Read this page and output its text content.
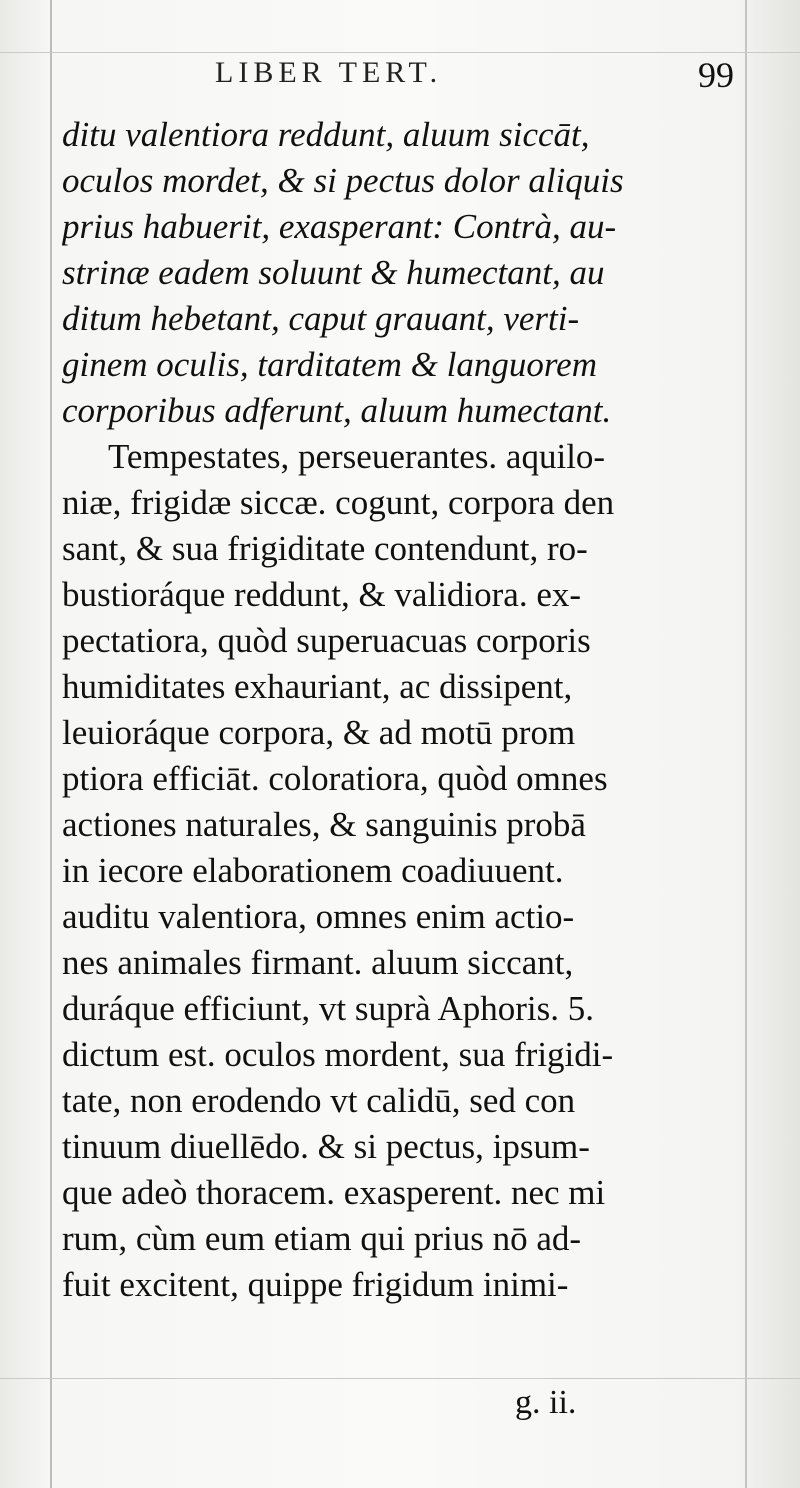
LIBER TERT.	99
ditu valentiora reddunt, aluum siccāt,
oculos mordet, & si pectus dolor aliquis
prius habuerit, exasperant: Contrà, au-
strinæ eadem soluunt & humectant, au
ditum hebetant, caput grauant, verti-
ginem oculis, tarditatem & languorem
corporibus adferunt, aluum humectant.
Tempestates, perseuerantes. aquilo-
niæ, frigidæ siccæ. cogunt, corpora den
sant, & sua frigiditate contendunt, ro-
bustioráque reddunt, & validiora. ex-
pectatiora, quòd superuacuas corporis
humiditates exhauriant, ac dissipent,
leuioráque corpora, & ad motū prom
ptiora efficiāt. coloratiora, quòd omnes
actiones naturales, & sanguinis probā
in iecore elaborationem coadiuuent.
auditu valentiora, omnes enim actio-
nes animales firmant. aluum siccant,
duráque efficiunt, vt suprà Aphoris. 5.
dictum est. oculos mordent, sua frigidi-
tate, non erodendo vt calidū, sed con
tinuum diuellēdo. & si pectus, ipsum-
que adeò thoracem. exasperent. nec mi
rum, cùm eum etiam qui prius nō ad-
fuit excitent, quippe frigidum inimi-
g. ii.
